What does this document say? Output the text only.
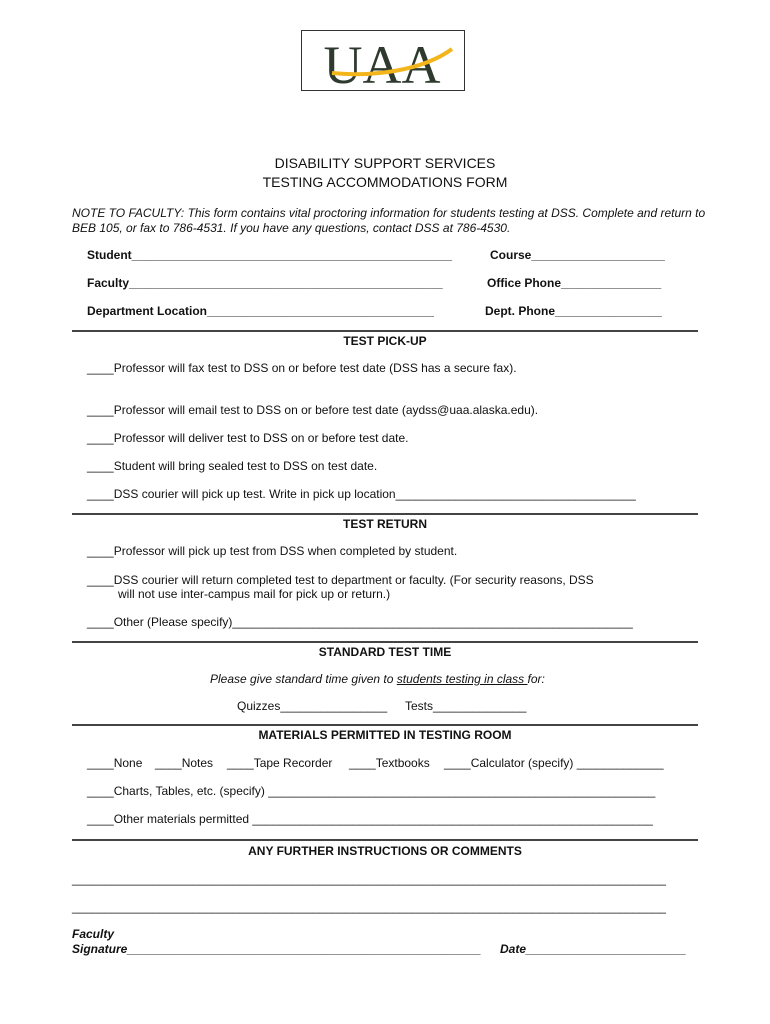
UAA
DISABILITY SUPPORT SERVICES
TESTING ACCOMMODATIONS FORM
NOTE TO FACULTY: This form contains vital proctoring information for students testing at DSS. Complete and return to BEB 105, or fax to 786-4531. If you have any questions, contact DSS at 786-4530.
Student________________________________________________	Course____________________
Faculty_______________________________________________	Office Phone_______________
Department Location__________________________________	Dept. Phone________________
TEST PICK-UP
____Professor will fax test to DSS on or before test date (DSS has a secure fax).
____Professor will email test to DSS on or before test date (aydss@uaa.alaska.edu).
____Professor will deliver test to DSS on or before test date.
____Student will bring sealed test to DSS on test date.
____DSS courier will pick up test. Write in pick up location____________________________________
TEST RETURN
____Professor will pick up test from DSS when completed by student.
____DSS courier will return completed test to department or faculty. (For security reasons, DSS
will not use inter-campus mail for pick up or return.)
____Other (Please specify)____________________________________________________________
STANDARD TEST TIME
Please give standard time given to students testing in class for:
Quizzes________________ Tests______________
MATERIALS PERMITTED IN TESTING ROOM
____None ____Notes ____Tape Recorder ____Textbooks ____Calculator (specify) _____________
____Charts, Tables, etc. (specify) __________________________________________________________
____Other materials permitted ____________________________________________________________
ANY FURTHER INSTRUCTIONS OR COMMENTS
_________________________________________________________________________________________
_________________________________________________________________________________________
Faculty
Signature_____________________________________________________ Date________________________
